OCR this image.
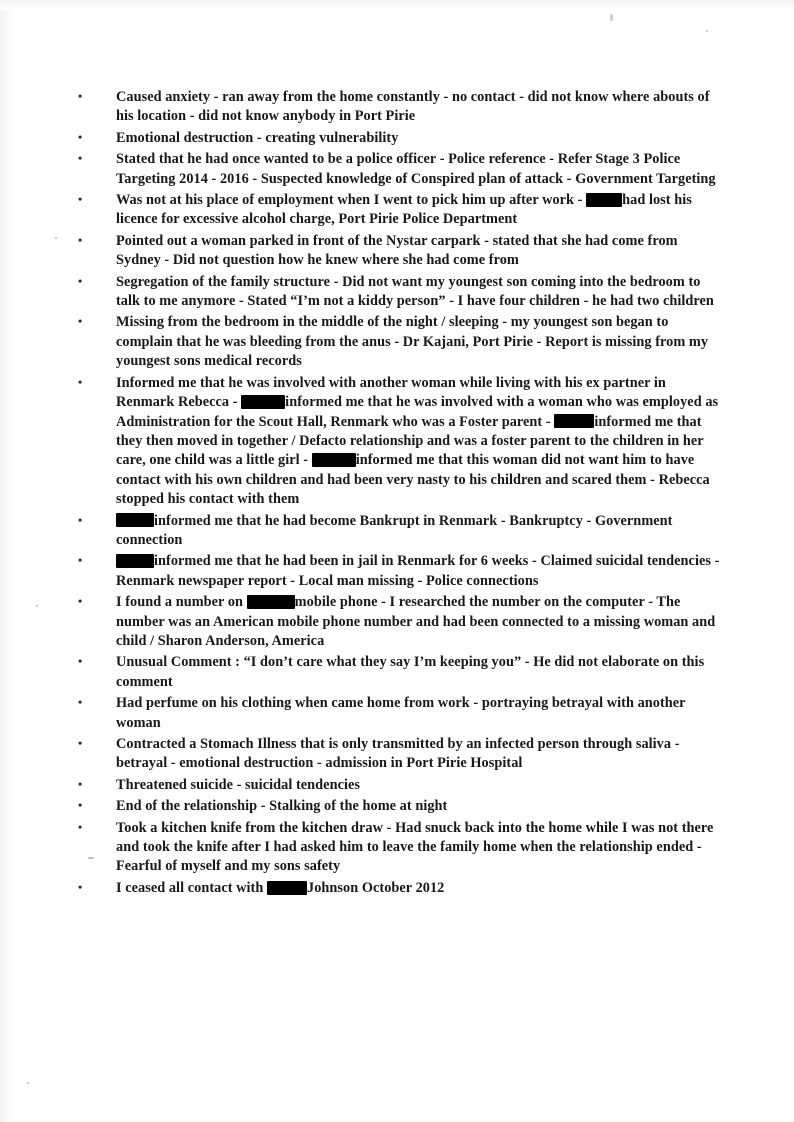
• Caused anxiety - ran away from the home constantly - no contact - did not know where abouts of his location - did not know anybody in Port Pirie
• Emotional destruction - creating vulnerability
• Stated that he had once wanted to be a police officer - Police reference - Refer Stage 3 Police Targeting 2014 - 2016 - Suspected knowledge of Conspired plan of attack - Government Targeting
• Was not at his place of employment when I went to pick him up after work -	had lost his licence for excessive alcohol charge, Port Pirie Police Department
• Pointed out a woman parked in front of the Nystar carpark - stated that she had come from Sydney - Did not question how he knew where she had come from
• Segregation of the family structure - Did not want my youngest son coming into the bedroom to talk to me anymore - Stated “I’m not a kiddy person” - I have four children - he had two children
• Missing from the bedroom in the middle of the night / sleeping - my youngest son began to complain that he was bleeding from the anus - Dr Kajani, Port Pirie - Report is missing from my youngest sons medical records
• Informed me that he was involved with another woman while living with his ex partner in Renmark Rebecca -	informed me that he was involved with a woman who was employed as Administration for the Scout Hall, Renmark who was a Foster parent -	informed me that they then moved in together / Defacto relationship and was a foster parent to the children in her care, one child was a little girl -	informed me that this woman did not want him to have contact with his own children and had been very nasty to his children and scared them - Rebecca stopped his contact with them
• informed me that he had become Bankrupt in Renmark - Bankruptcy - Government connection
• informed me that he had been in jail in Renmark for 6 weeks - Claimed suicidal tendencies - Renmark newspaper report - Local man missing - Police connections
• I found a number on	mobile phone - I researched the number on the computer - The number was an American mobile phone number and had been connected to a missing woman and child / Sharon Anderson, America
• Unusual Comment : “I don’t care what they say I’m keeping you” - He did not elaborate on this comment
• Had perfume on his clothing when came home from work - portraying betrayal with another woman
• Contracted a Stomach Illness that is only transmitted by an infected person through saliva - betrayal - emotional destruction - admission in Port Pirie Hospital
• Threatened suicide - suicidal tendencies
• End of the relationship - Stalking of the home at night
• Took a kitchen knife from the kitchen draw - Had snuck back into the home while I was not there and took the knife after I had asked him to leave the family home when the relationship ended - Fearful of myself and my sons safety
• I ceased all contact with	Johnson October 2012
